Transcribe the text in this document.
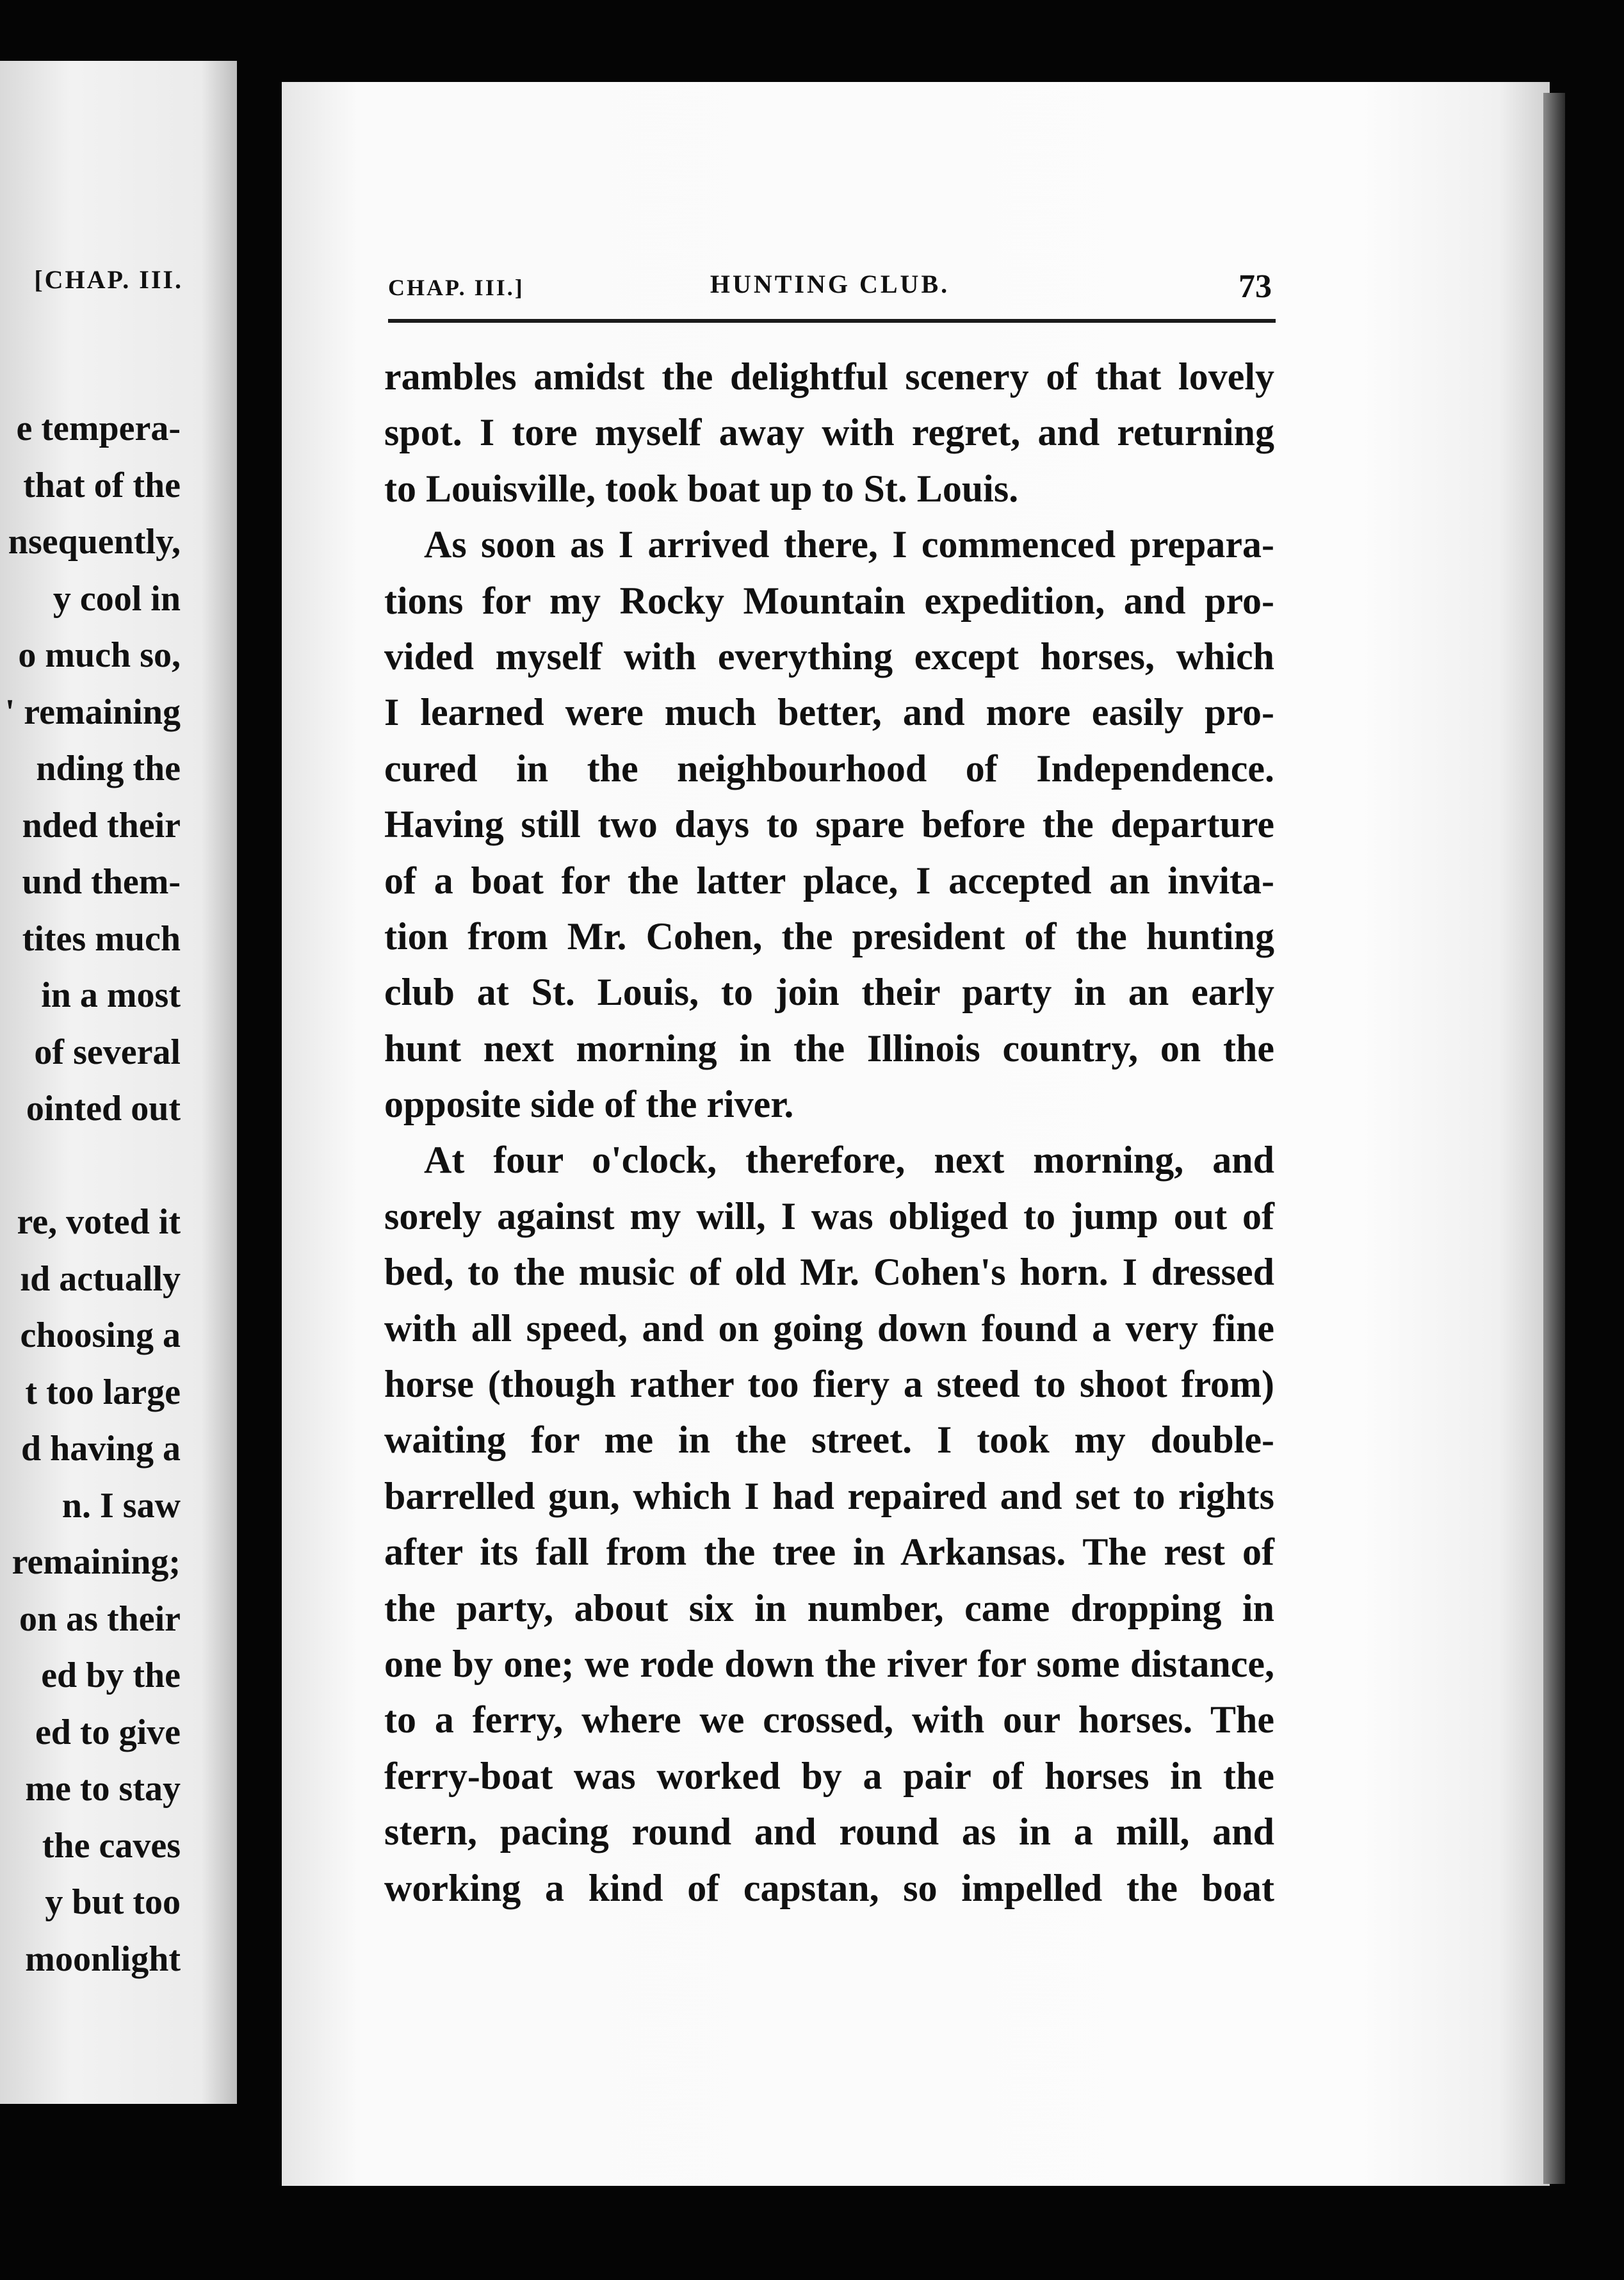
[CHAP. III.
e tempera-
that of the
nsequently,
y cool in
o much so,
' remaining
nding the
nded their
und them-
tites much
in a most
of several
ointed out
re, voted it
ıd actually
choosing a
t too large
d having a
n. I saw
remaining;
on as their
ed by the
ed to give
me to stay
the caves
y but too
moonlight
CHAP. III.]	HUNTING CLUB.	73
rambles amidst the delightful scenery of that lovely
spot. I tore myself away with regret, and returning
to Louisville, took boat up to St. Louis.
As soon as I arrived there, I commenced prepara-
tions for my Rocky Mountain expedition, and pro-
vided myself with everything except horses, which
I learned were much better, and more easily pro-
cured in the neighbourhood of Independence.
Having still two days to spare before the departure
of a boat for the latter place, I accepted an invita-
tion from Mr. Cohen, the president of the hunting
club at St. Louis, to join their party in an early
hunt next morning in the Illinois country, on the
opposite side of the river.
At four o'clock, therefore, next morning, and
sorely against my will, I was obliged to jump out of
bed, to the music of old Mr. Cohen's horn. I dressed
with all speed, and on going down found a very fine
horse (though rather too fiery a steed to shoot from)
waiting for me in the street. I took my double-
barrelled gun, which I had repaired and set to rights
after its fall from the tree in Arkansas. The rest of
the party, about six in number, came dropping in
one by one; we rode down the river for some distance,
to a ferry, where we crossed, with our horses. The
ferry-boat was worked by a pair of horses in the
stern, pacing round and round as in a mill, and
working a kind of capstan, so impelled the boat
